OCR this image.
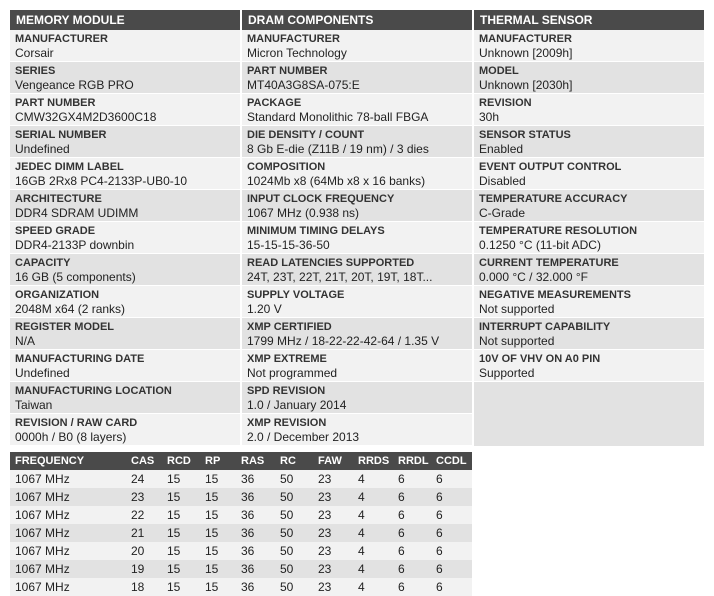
MEMORY MODULE
MANUFACTURER
Corsair
SERIES
Vengeance RGB PRO
PART NUMBER
CMW32GX4M2D3600C18
SERIAL NUMBER
Undefined
JEDEC DIMM LABEL
16GB 2Rx8 PC4-2133P-UB0-10
ARCHITECTURE
DDR4 SDRAM UDIMM
SPEED GRADE
DDR4-2133P downbin
CAPACITY
16 GB (5 components)
ORGANIZATION
2048M x64 (2 ranks)
REGISTER MODEL
N/A
MANUFACTURING DATE
Undefined
MANUFACTURING LOCATION
Taiwan
REVISION / RAW CARD
0000h / B0 (8 layers)
DRAM COMPONENTS
MANUFACTURER
Micron Technology
PART NUMBER
MT40A3G8SA-075:E
PACKAGE
Standard Monolithic 78-ball FBGA
DIE DENSITY / COUNT
8 Gb E-die (Z11B / 19 nm) / 3 dies
COMPOSITION
1024Mb x8 (64Mb x8 x 16 banks)
INPUT CLOCK FREQUENCY
1067 MHz (0.938 ns)
MINIMUM TIMING DELAYS
15-15-15-36-50
READ LATENCIES SUPPORTED
24T, 23T, 22T, 21T, 20T, 19T, 18T...
SUPPLY VOLTAGE
1.20 V
XMP CERTIFIED
1799 MHz / 18-22-22-42-64 / 1.35 V
XMP EXTREME
Not programmed
SPD REVISION
1.0 / January 2014
XMP REVISION
2.0 / December 2013
THERMAL SENSOR
MANUFACTURER
Unknown [2009h]
MODEL
Unknown [2030h]
REVISION
30h
SENSOR STATUS
Enabled
EVENT OUTPUT CONTROL
Disabled
TEMPERATURE ACCURACY
C-Grade
TEMPERATURE RESOLUTION
0.1250 °C (11-bit ADC)
CURRENT TEMPERATURE
0.000 °C / 32.000 °F
NEGATIVE MEASUREMENTS
Not supported
INTERRUPT CAPABILITY
Not supported
10V OF VHV ON A0 PIN
Supported
FREQUENCY	CAS	RCD	RP	RAS	RC	FAW	RRDS	RRDL	CCDL
1067 MHz	24	15	15	36	50	23	4	6	6
1067 MHz	23	15	15	36	50	23	4	6	6
1067 MHz	22	15	15	36	50	23	4	6	6
1067 MHz	21	15	15	36	50	23	4	6	6
1067 MHz	20	15	15	36	50	23	4	6	6
1067 MHz	19	15	15	36	50	23	4	6	6
1067 MHz	18	15	15	36	50	23	4	6	6
